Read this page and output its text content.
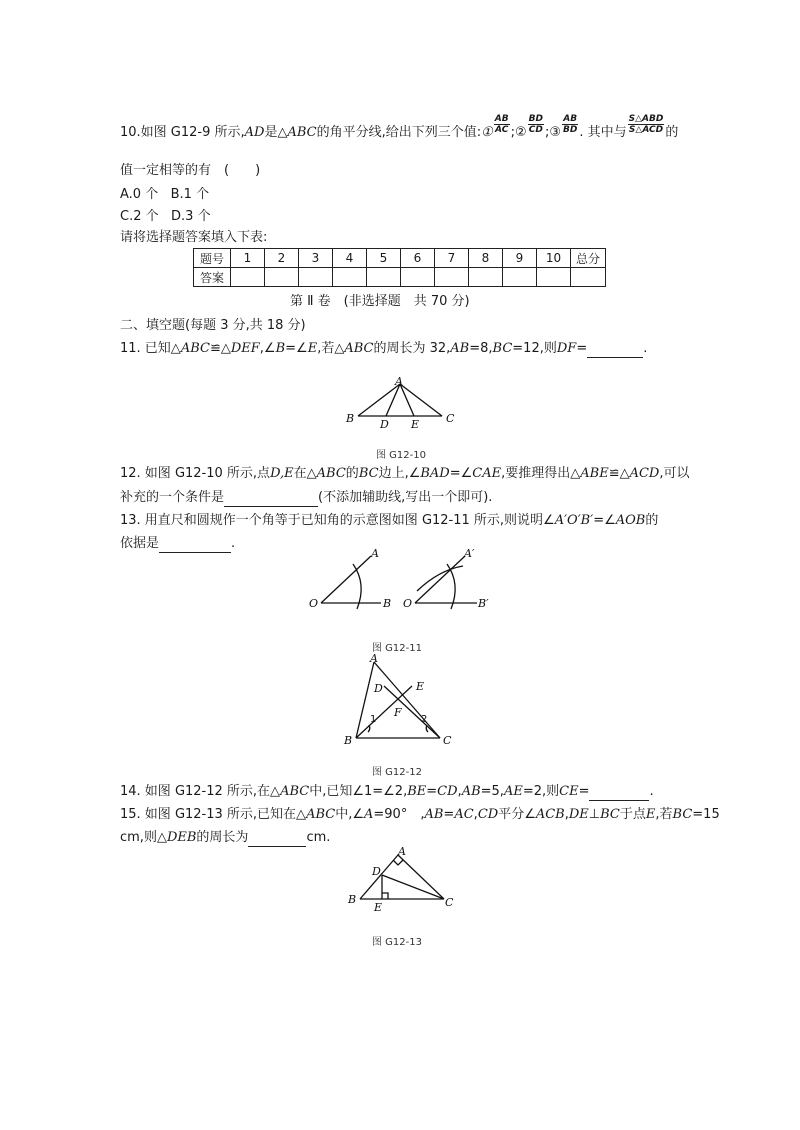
10.如图 G12-9 所示,AD是△ABC的角平分线,给出下列三个值:① $\frac{AB}{AC}$ ;② $\frac{BD}{CD}$ ;③ $\frac{AB}{BD}$ . 其中与 $\frac{\text{S△ABD}}{\text{S△ACD}}$ 的
值一定相等的有　(　　)
A.0 个 B.1 个
C.2 个 D.3 个
请将选择题答案填入下表:
题号	1	2	3	4	5	6	7	8	9	10	总分
答案											
第 Ⅱ 卷　(非选择题　共 70 分)
二、填空题(每题 3 分,共 18 分)
11. 已知△ABC≌△DEF,∠B=∠E,若△ABC的周长为 32,AB=8,BC=12,则DF=	.
A
B D E C
图 G12-10
12. 如图 G12-10 所示,点D,E在△ABC的BC边上,∠BAD=∠CAE,要推理得出△ABE≌△ACD,可以
补充的一个条件是	(不添加辅助线,写出一个即可).
13. 用直尺和圆规作一个角等于已知角的示意图如图 G12-11 所示,则说明∠A′O′B′=∠AOB的
依据是	.
A
O	B
A′
O	B′
图 G12-11
A
D	E
F
1	2
B	C
图 G12-12
14. 如图 G12-12 所示,在△ABC中,已知∠1=∠2,BE=CD,AB=5,AE=2,则CE=	.
15. 如图 G12-13 所示,已知在△ABC中,∠A=90°　,AB=AC,CD平分∠ACB,DE⊥BC于点E,若BC=15
cm,则△DEB的周长为	cm.
A
D
B
E	C
图 G12-13
